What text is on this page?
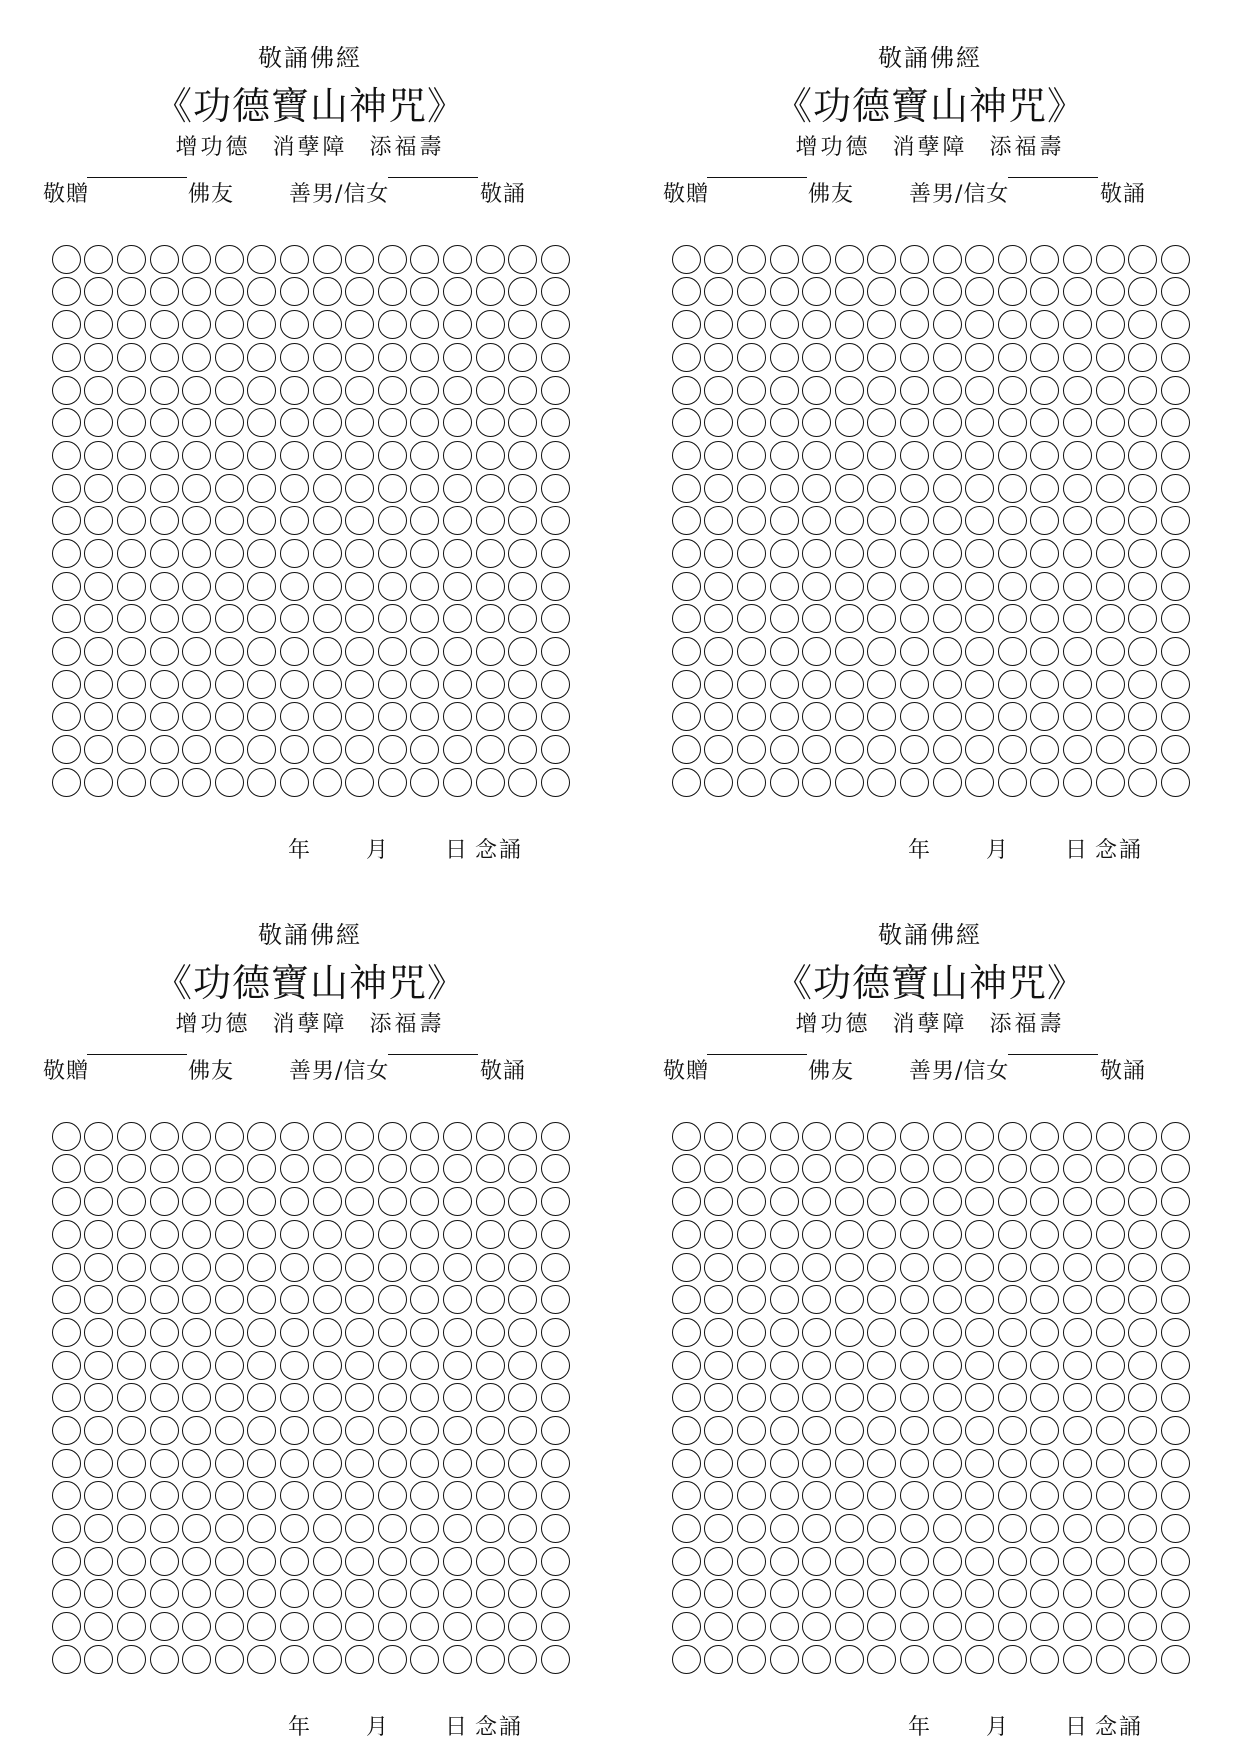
敬誦佛經
《功德寶山神咒》
增功德 消孽障 添福壽
敬贈	佛友 善男/信女	敬誦
年 月 日 念誦
敬誦佛經
《功德寶山神咒》
增功德 消孽障 添福壽
敬贈	佛友 善男/信女	敬誦
年 月 日 念誦
敬誦佛經
《功德寶山神咒》
增功德 消孽障 添福壽
敬贈	佛友 善男/信女	敬誦
年 月 日 念誦
敬誦佛經
《功德寶山神咒》
增功德 消孽障 添福壽
敬贈	佛友 善男/信女	敬誦
年 月 日 念誦
